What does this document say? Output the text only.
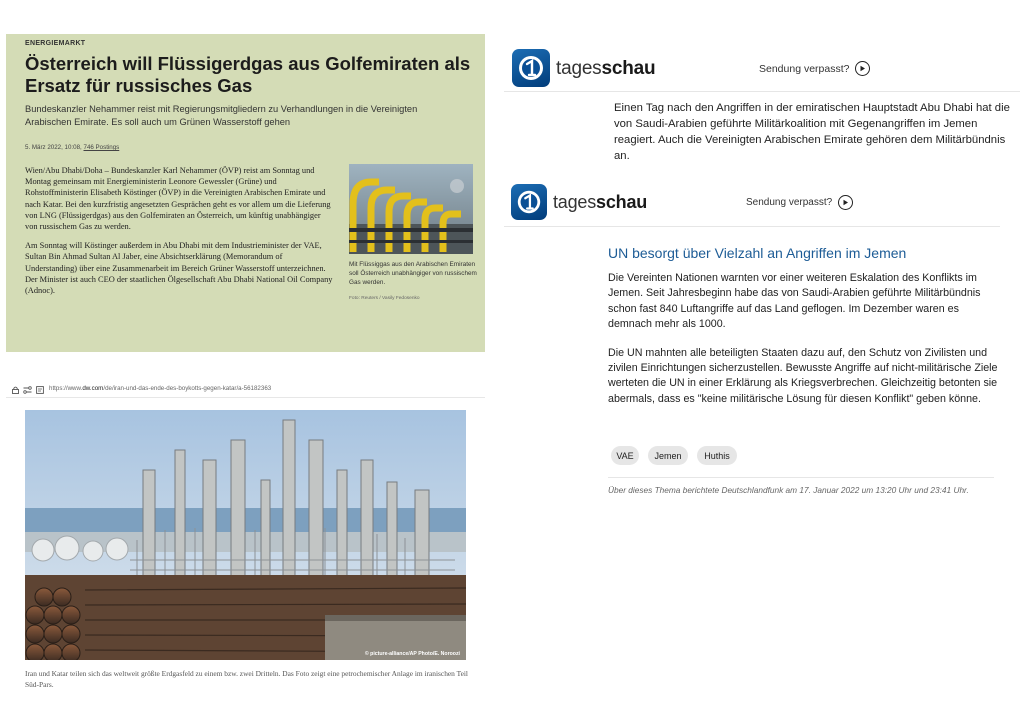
ENERGIEMARKT
Österreich will Flüssigerdgas aus Golfemiraten als Ersatz für russisches Gas
Bundeskanzler Nehammer reist mit Regierungsmitgliedern zu Verhandlungen in die Vereinigten Arabischen Emirate. Es soll auch um Grünen Wasserstoff gehen
5. März 2022, 10:08, 746 Postings

Wien/Abu Dhabi/Doha – Bundeskanzler Karl Nehammer (ÖVP) reist am Sonntag und Montag gemeinsam mit Energieministerin Leonore Gewessler (Grüne) und Rohstoffministerin Elisabeth Köstinger (ÖVP) in die Vereinigten Arabischen Emirate und nach Katar. Bei den kurzfristig angesetzten Gesprächen geht es vor allem um die Lieferung von LNG (Flüssigerdgas) aus den Golfemiraten an Österreich, um künftig unabhängiger von russischem Gas zu werden.

Am Sonntag will Köstinger außerdem in Abu Dhabi mit dem Industrieminister der VAE, Sultan Bin Ahmad Sultan Al Jaber, eine Absichtserklärung (Memorandum of Understanding) über eine Zusammenarbeit im Bereich Grüner Wasserstoff unterzeichnen. Der Minister ist auch CEO der staatlichen Ölgesellschaft Abu Dhabi National Oil Company (Adnoc).

Mit Flüssiggas aus den Arabischen Emiraten soll Österreich unabhängiger von russischem Gas werden.
Foto: Reuters / Vasily Fedosenko
https://www.dw.com/de/iran-und-das-ende-des-boykotts-gegen-katar/a-56182363
© picture-alliance/AP Photo/E. Noroozi
Iran und Katar teilen sich das weltweit größte Erdgasfeld zu einem bzw. zwei Dritteln. Das Foto zeigt eine petrochemischer Anlage im iranischen Teil Süd-Pars.
tagesschau	Sendung verpasst?
Einen Tag nach den Angriffen in der emiratischen Hauptstadt Abu Dhabi hat die von Saudi-Arabien geführte Militärkoalition mit Gegenangriffen im Jemen reagiert. Auch die Vereinigten Arabischen Emirate gehören dem Militärbündnis an.
tagesschau	Sendung verpasst?
UN besorgt über Vielzahl an Angriffen im Jemen

Die Vereinten Nationen warnten vor einer weiteren Eskalation des Konflikts im Jemen. Seit Jahresbeginn habe das von Saudi-Arabien geführte Militärbündnis schon fast 840 Luftangriffe auf das Land geflogen. Im Dezember waren es demnach mehr als 1000.

Die UN mahnten alle beteiligten Staaten dazu auf, den Schutz von Zivilisten und zivilen Einrichtungen sicherzustellen. Bewusste Angriffe auf nicht-militärische Ziele werteten die UN in einer Erklärung als Kriegsverbrechen. Gleichzeitig betonten sie abermals, dass es "keine militärische Lösung für diesen Konflikt" geben könne.

VAE	Jemen	Huthis
Über dieses Thema berichtete Deutschlandfunk am 17. Januar 2022 um 13:20 Uhr und 23:41 Uhr.
